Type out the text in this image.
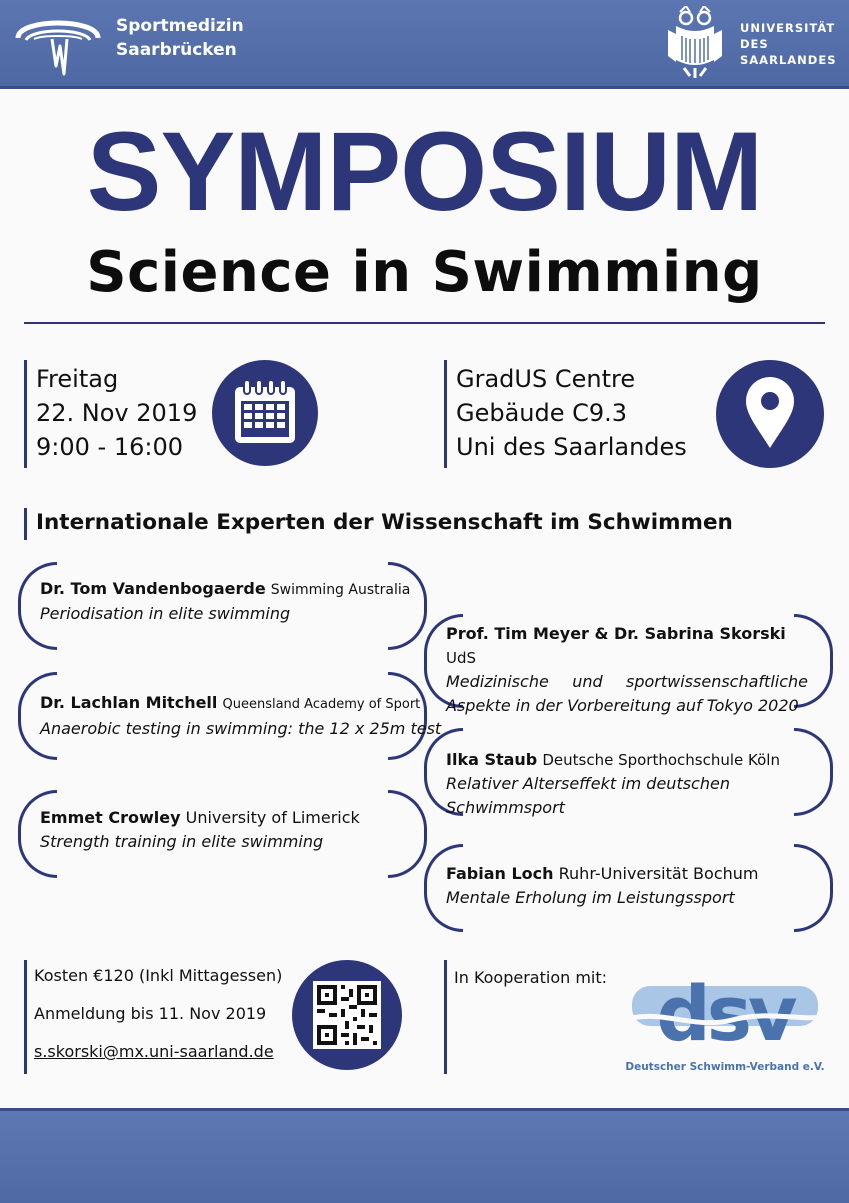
Sportmedizin
Saarbrücken
UNIVERSITÄT
DES
SAARLANDES
SYMPOSIUM
Science in Swimming
Freitag
22. Nov 2019
9:00 - 16:00
GradUS Centre
Gebäude C9.3
Uni des Saarlandes
Internationale Experten der Wissenschaft im Schwimmen
Dr. Tom Vandenbogaerde Swimming Australia
Periodisation in elite swimming
Dr. Lachlan Mitchell Queensland Academy of Sport
Anaerobic testing in swimming: the 12 x 25m test
Emmet Crowley University of Limerick
Strength training in elite swimming
Prof. Tim Meyer & Dr. Sabrina Skorski UdS
Medizinische und sportwissenschaftliche
Aspekte in der Vorbereitung auf Tokyo 2020
Ilka Staub Deutsche Sporthochschule Köln
Relativer Alterseffekt im deutschen Schwimmsport
Fabian Loch Ruhr-Universität Bochum
Mentale Erholung im Leistungssport
Kosten €120 (Inkl Mittagessen)
Anmeldung bis 11. Nov 2019
s.skorski@mx.uni-saarland.de
In Kooperation mit: dsv
Deutscher Schwimm-Verband e.V.
